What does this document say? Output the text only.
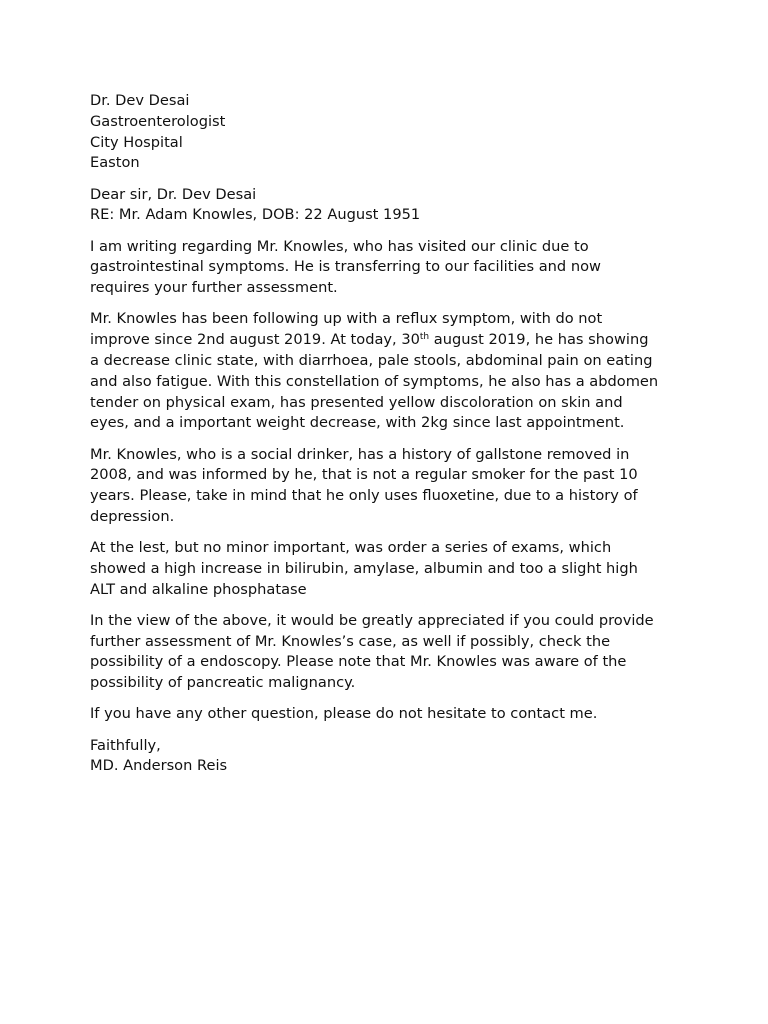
Dr. Dev Desai
Gastroenterologist
City Hospital
Easton
Dear sir, Dr. Dev Desai
RE: Mr. Adam Knowles, DOB: 22 August 1951
I am writing regarding Mr. Knowles, who has visited our clinic due to
gastrointestinal symptoms. He is transferring to our facilities and now
requires your further assessment.
Mr. Knowles has been following up with a reflux symptom, with do not
improve since 2nd august 2019. At today, 30th august 2019, he has showing
a decrease clinic state, with diarrhoea, pale stools, abdominal pain on eating
and also fatigue. With this constellation of symptoms, he also has a abdomen
tender on physical exam, has presented yellow discoloration on skin and
eyes, and a important weight decrease, with 2kg since last appointment.
Mr. Knowles, who is a social drinker, has a history of gallstone removed in
2008, and was informed by he, that is not a regular smoker for the past 10
years. Please, take in mind that he only uses fluoxetine, due to a history of
depression.
At the lest, but no minor important, was order a series of exams, which
showed a high increase in bilirubin, amylase, albumin and too a slight high
ALT and alkaline phosphatase
In the view of the above, it would be greatly appreciated if you could provide
further assessment of Mr. Knowles’s case, as well if possibly, check the
possibility of a endoscopy. Please note that Mr. Knowles was aware of the
possibility of pancreatic malignancy.
If you have any other question, please do not hesitate to contact me.
Faithfully,
MD. Anderson Reis
